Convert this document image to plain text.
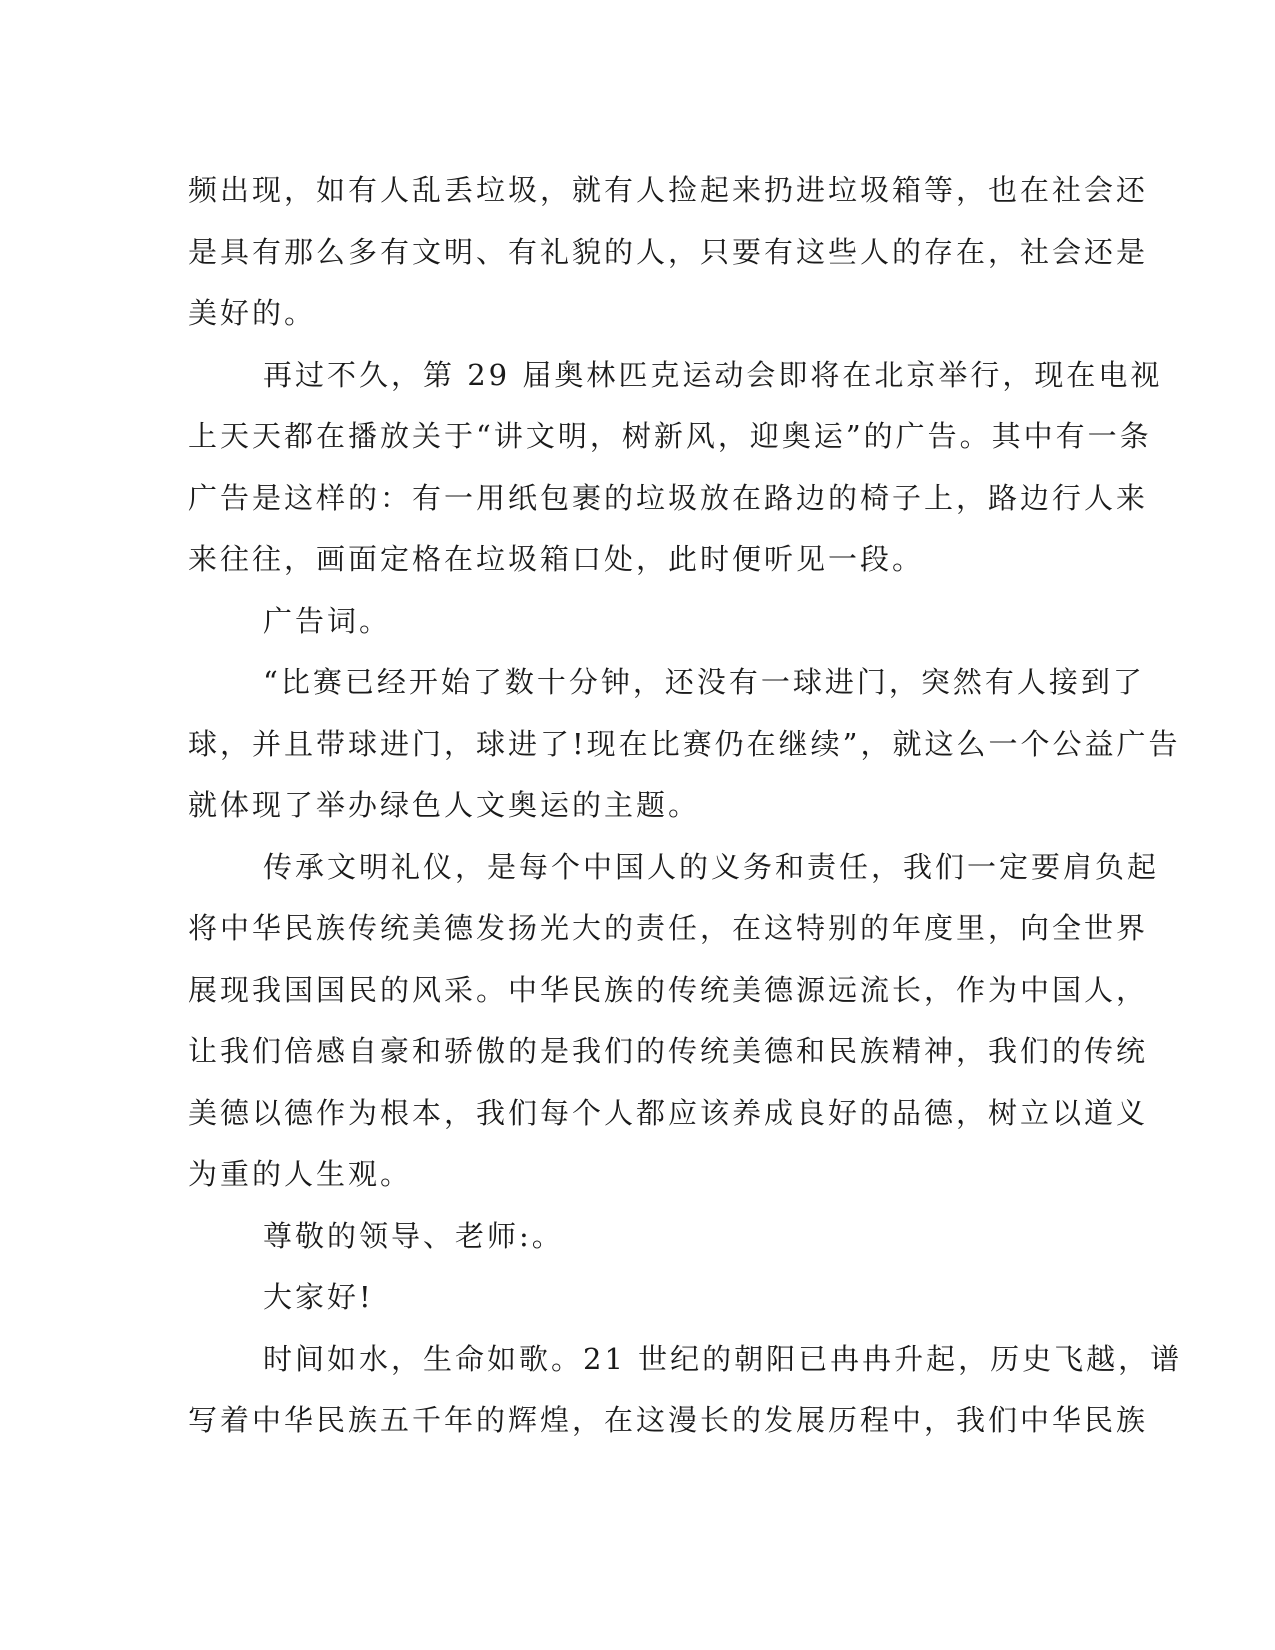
频出现，如有人乱丢垃圾，就有人捡起来扔进垃圾箱等，也在社会还
是具有那么多有文明、有礼貌的人，只要有这些人的存在，社会还是
美好的。
再过不久，第 29 届奥林匹克运动会即将在北京举行，现在电视
上天天都在播放关于“讲文明，树新风，迎奥运”的广告。其中有一条
广告是这样的：有一用纸包裹的垃圾放在路边的椅子上，路边行人来
来往往，画面定格在垃圾箱口处，此时便听见一段。
广告词。
“比赛已经开始了数十分钟，还没有一球进门，突然有人接到了
球，并且带球进门，球进了!现在比赛仍在继续”，就这么一个公益广告
就体现了举办绿色人文奥运的主题。
传承文明礼仪，是每个中国人的义务和责任，我们一定要肩负起
将中华民族传统美德发扬光大的责任，在这特别的年度里，向全世界
展现我国国民的风采。中华民族的传统美德源远流长，作为中国人，
让我们倍感自豪和骄傲的是我们的传统美德和民族精神，我们的传统
美德以德作为根本，我们每个人都应该养成良好的品德，树立以道义
为重的人生观。
尊敬的领导、老师:。
大家好!
时间如水，生命如歌。21 世纪的朝阳已冉冉升起，历史飞越，谱
写着中华民族五千年的辉煌，在这漫长的发展历程中，我们中华民族
